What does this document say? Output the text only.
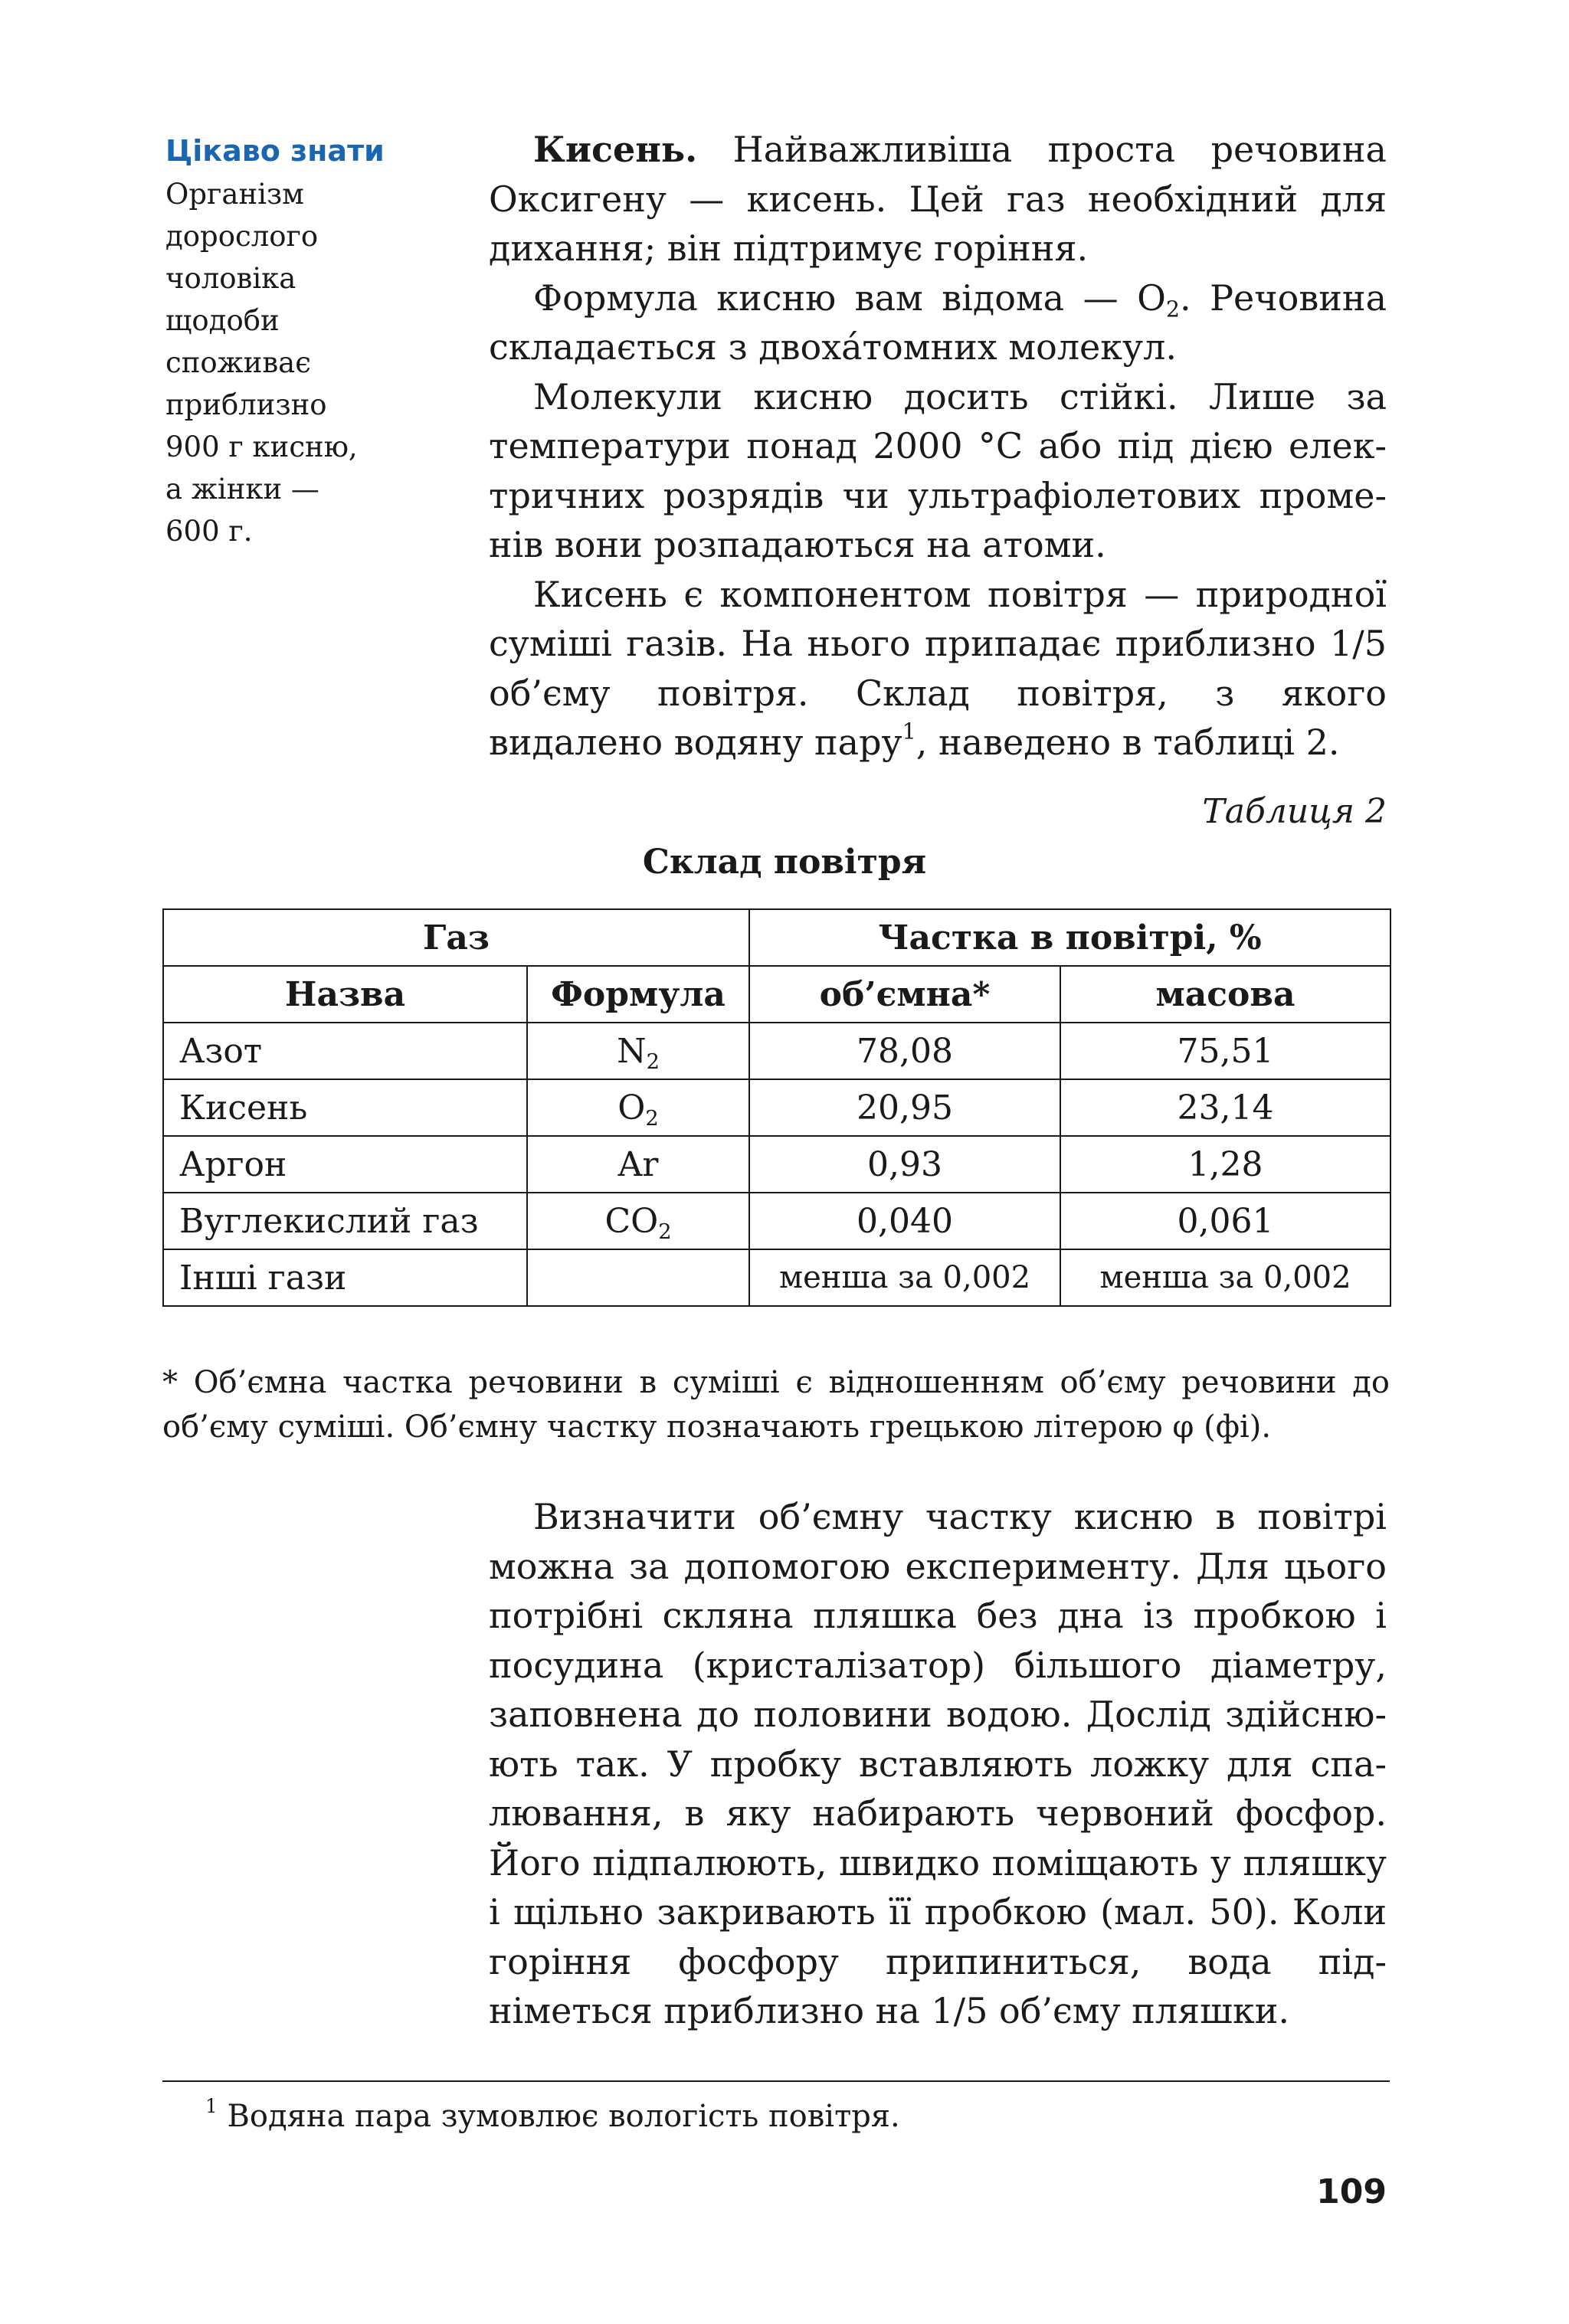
Цікаво знати
Організм
дорослого
чоловіка
щодоби
споживає
приблизно
900 г кисню,
а жінки —
600 г.

Кисень. Найважливіша проста речовина Оксигену — кисень. Цей газ необхідний для дихання; він підтримує горіння.

Формула кисню вам відома — $O_2$. Речовина складається з двоха́томних молекул.

Молекули кисню досить стійкі. Лише за температури понад 2000 °C або під дією електричних розрядів чи ультрафіолетових променів вони розпадаються на атоми.

Кисень є компонентом повітря — природної суміші газів. На нього припадає приблизно 1/5 об’єму повітря. Склад повітря, з якого видалено водяну пару$^1$, наведено в таблиці 2.

Таблиця 2
Склад повітря
Газ		Частка в повітрі, %	
Назва	Формула	об’ємна*	масова
Азот	$N_2$	78,08	75,51
Кисень	$O_2$	20,95	23,14
Аргон	Ar	0,93	1,28
Вуглекислий газ	$CO_2$	0,040	0,061
Інші гази		менша за 0,002	менша за 0,002
* Об’ємна частка речовини в суміші є відношенням об’єму речовини до об’єму суміші. Об’ємну частку позначають грецькою літерою φ (фі).

Визначити об’ємну частку кисню в повітрі можна за допомогою експерименту. Для цього потрібні скляна пляшка без дна із пробкою і посудина (кристалізатор) більшого діаметру, заповнена до половини водою. Дослід здійснюють так. У пробку вставляють ложку для спалювання, в яку набирають червоний фосфор. Його підпалюють, швидко поміщають у пляшку і щільно закривають її пробкою (мал. 50). Коли горіння фосфору припиниться, вода підніметься приблизно на 1/5 об’єму пляшки.

$^1$ Водяна пара зумовлює вологість повітря.
109
